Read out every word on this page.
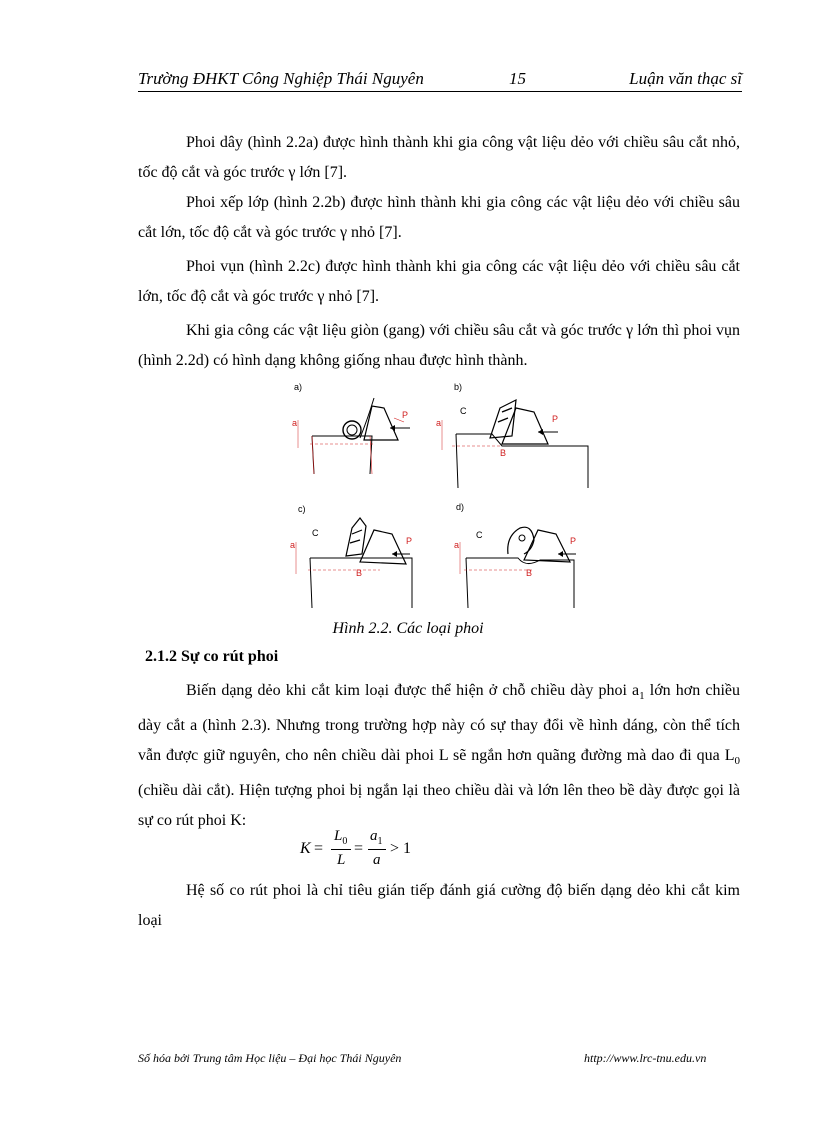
Trường ĐHKT Công Nghiệp Thái Nguyên	15	Luận văn thạc sĩ

Phoi dây (hình 2.2a) được hình thành khi gia công vật liệu dẻo với chiều sâu cắt nhỏ, tốc độ cắt và góc trước γ lớn [7].

Phoi xếp lớp (hình 2.2b) được hình thành khi gia công các vật liệu dẻo với chiều sâu cắt lớn, tốc độ cắt và góc trước γ nhỏ [7].

Phoi vụn (hình 2.2c) được hình thành khi gia công các vật liệu dẻo với chiều sâu cắt lớn, tốc độ cắt và góc trước γ nhỏ [7].

Khi gia công các vật liệu giòn (gang) với chiều sâu cắt và góc trước γ lớn thì phoi vụn (hình 2.2d) có hình dạng không giống nhau được hình thành.

a)
P
a
b)
C
P
B
a
c)
C
P
B
a
d)
C
P
B
a
Hình 2.2. Các loại phoi
2.1.2 Sự co rút phoi

Biến dạng dẻo khi cắt kim loại được thể hiện ở chỗ chiều dày phoi $a_1$ lớn hơn chiều dày cắt a (hình 2.3). Nhưng trong trường hợp này có sự thay đổi về hình dáng, còn thể tích vẫn được giữ nguyên, cho nên chiều dài phoi L sẽ ngắn hơn quãng đường mà dao đi qua $L_0$ (chiều dài cắt). Hiện tượng phoi bị ngắn lại theo chiều dài và lớn lên theo bề dày được gọi là sự co rút phoi K:

K =
$L_0$
L
=
$a_1$
a
> 1

Hệ số co rút phoi là chỉ tiêu gián tiếp đánh giá cường độ biến dạng dẻo khi cắt kim loại

Số hóa bởi Trung tâm Học liệu – Đại học Thái Nguyên	http://www.lrc-tnu.edu.vn
